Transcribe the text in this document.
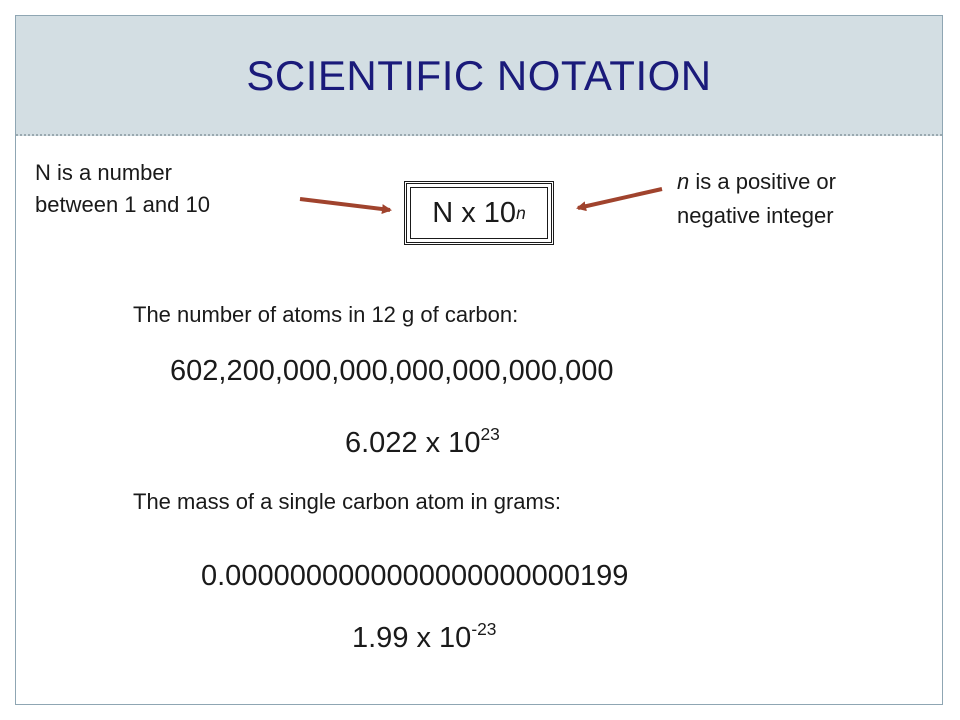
SCIENTIFIC NOTATION
N is a number
between 1 and 10	N x 10 n
n is a positive or
negative integer
The number of atoms in 12 g of carbon:
602,200,000,000,000,000,000,000
6.022 x $10^{23}$
The mass of a single carbon atom in grams:
0.0000000000000000000000199
1.99 x $10^{-23}$
